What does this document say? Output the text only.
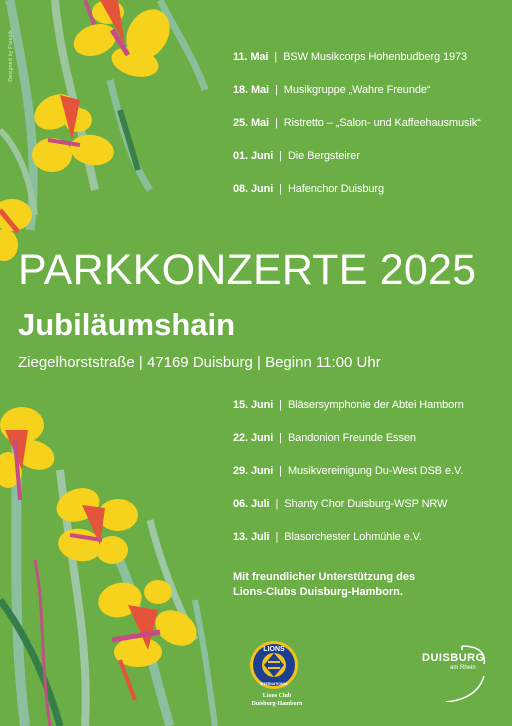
Designed by Freepik	11. Mai | BSW Musikcorps Hohenbudberg 1973
18. Mai | Musikgruppe „Wahre Freunde“
25. Mai | Ristretto – „Salon- und Kaffeehausmusik“
01. Juni | Die Bergsteirer
08. Juni | Hafenchor Duisburg
PARKKONZERTE 2025
Jubiläumshain
Ziegelhorststraße | 47169 Duisburg | Beginn 11:00 Uhr
15. Juni | Bläsersymphonie der Abtei Hamborn
22. Juni | Bandonion Freunde Essen
29. Juni | Musikvereinigung Du-West DSB e.V.
06. Juli | Shanty Chor Duisburg-WSP NRW
13. Juli | Blasorchester Lohmühle e.V.
Mit freundlicher Unterstützung des
Lions-Clubs Duisburg-Hamborn.
LIONS
INTERNATIONAL
Lions Club
Duisburg-Hamborn
DUISBURG
am Rhein
